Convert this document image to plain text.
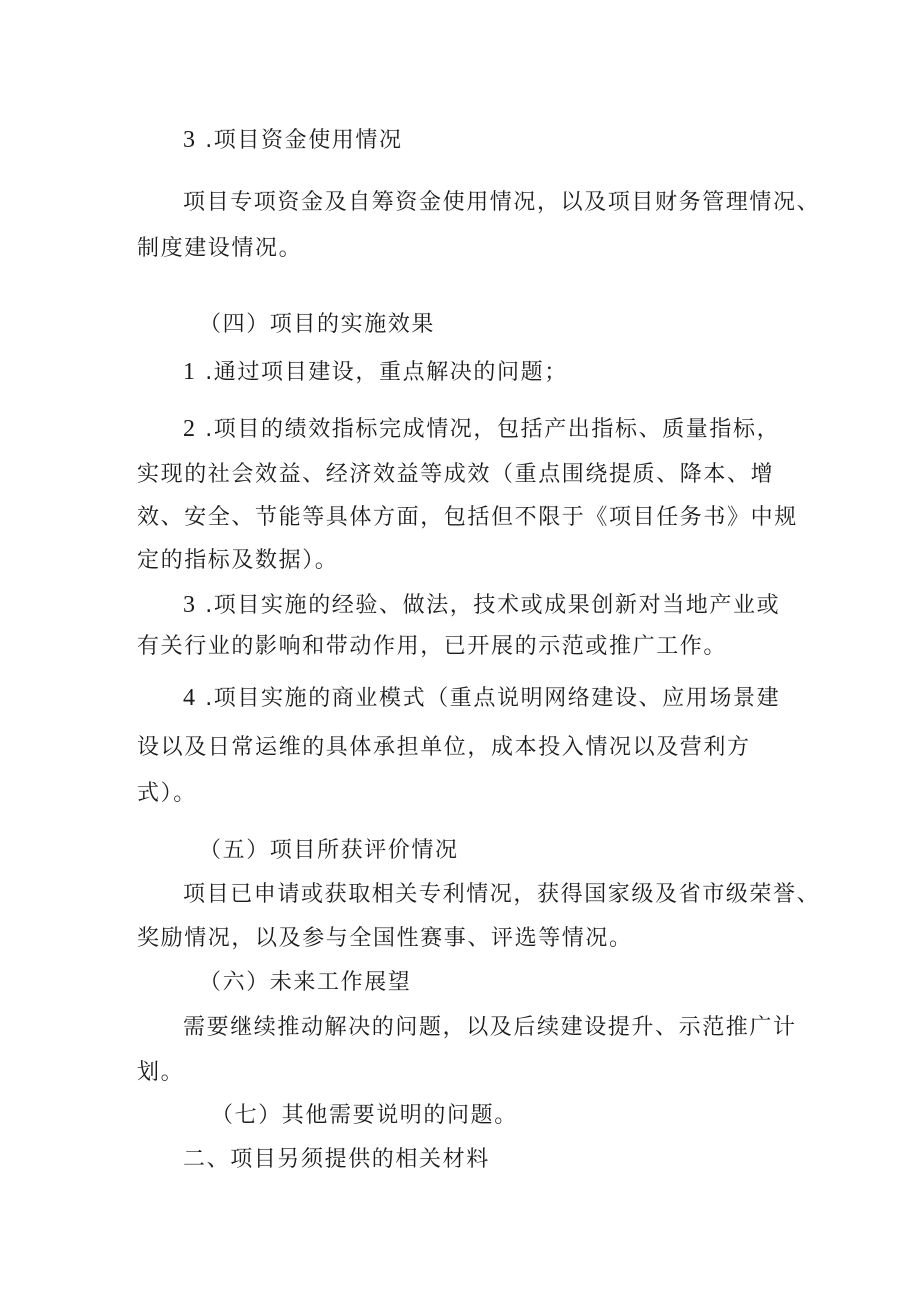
3 .项目资金使用情况
项目专项资金及自筹资金使用情况，以及项目财务管理情况、
制度建设情况。
（四）项目的实施效果
1 .通过项目建设，重点解决的问题；
2 .项目的绩效指标完成情况，包括产出指标、质量指标，
实现的社会效益、经济效益等成效（重点围绕提质、降本、增
效、安全、节能等具体方面，包括但不限于《项目任务书》中规
定的指标及数据）。
3 .项目实施的经验、做法，技术或成果创新对当地产业或
有关行业的影响和带动作用，已开展的示范或推广工作。
4 .项目实施的商业模式（重点说明网络建设、应用场景建
设以及日常运维的具体承担单位，成本投入情况以及营利方
式）。
（五）项目所获评价情况
项目已申请或获取相关专利情况，获得国家级及省市级荣誉、
奖励情况，以及参与全国性赛事、评选等情况。
（六）未来工作展望
需要继续推动解决的问题，以及后续建设提升、示范推广计
划。
（七）其他需要说明的问题。
二、项目另须提供的相关材料
